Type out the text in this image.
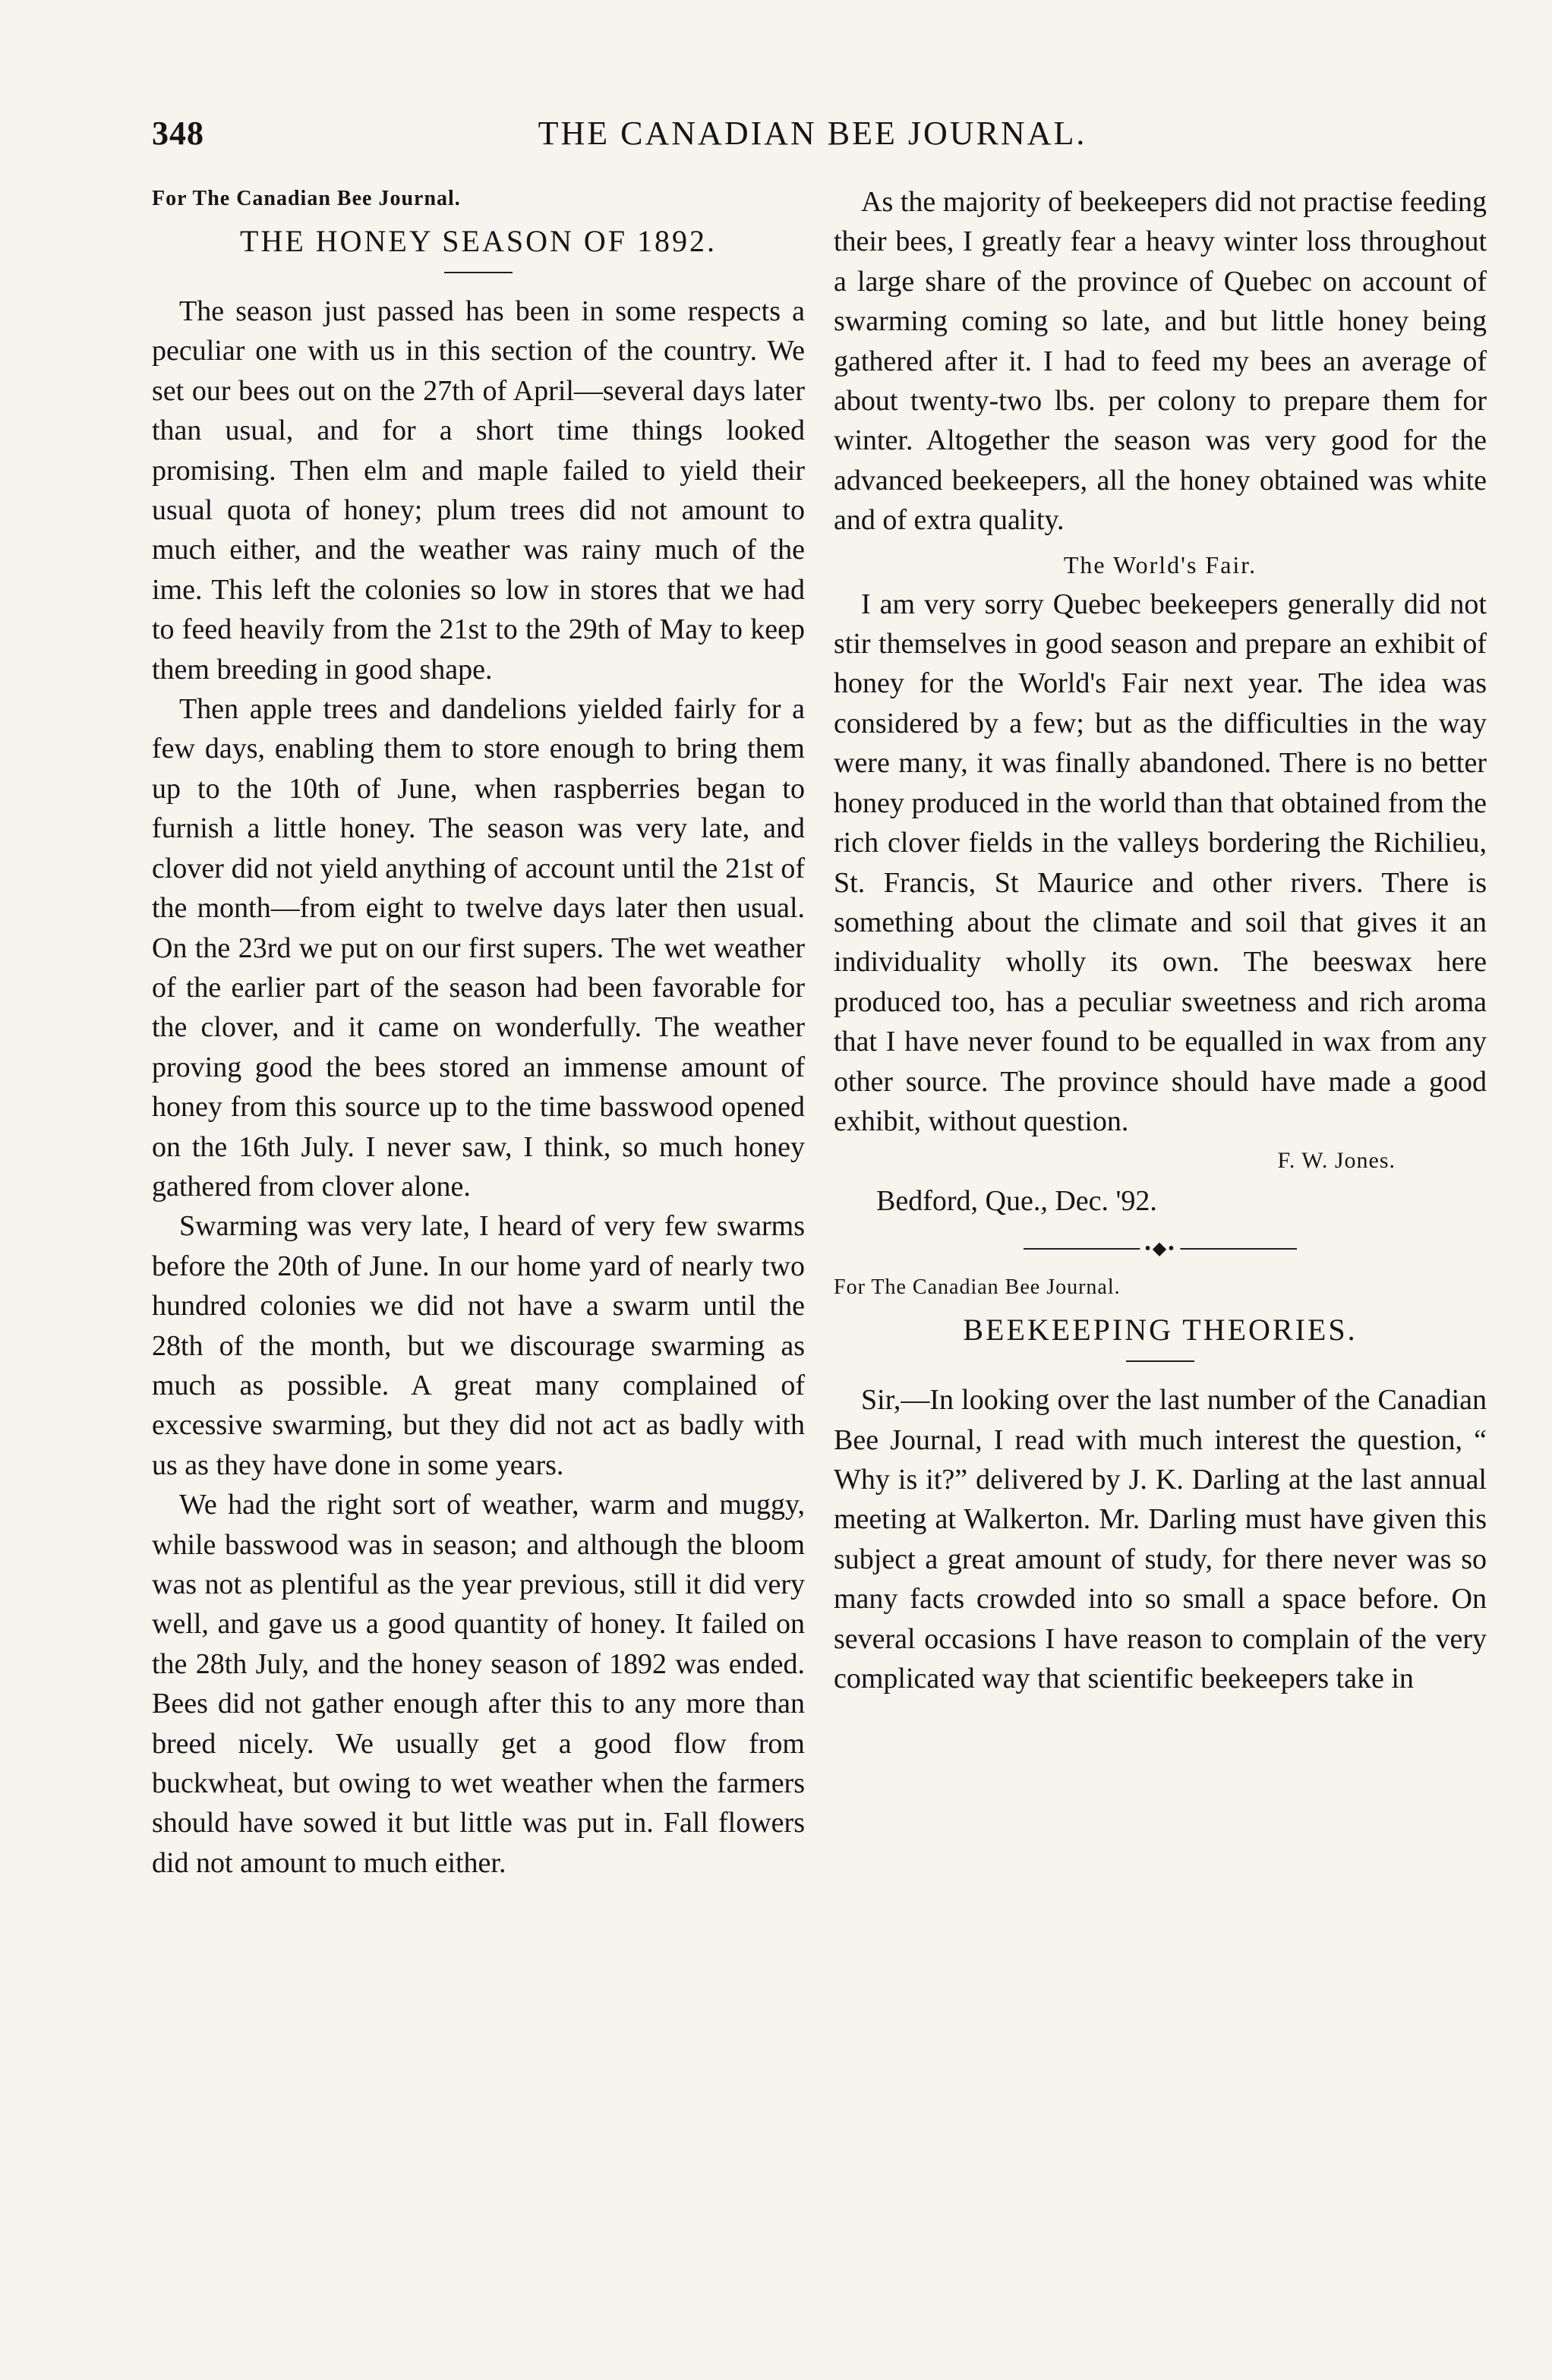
348	THE CANADIAN BEE JOURNAL.

For The Canadian Bee Journal.

THE HONEY SEASON OF 1892.

The season just passed has been in some respects a peculiar one with us in this section of the country. We set our bees out on the 27th of April—several days later than usual, and for a short time things looked promising. Then elm and maple failed to yield their usual quota of honey; plum trees did not amount to much either, and the weather was rainy much of the ime. This left the colonies so low in stores that we had to feed heavily from the 21st to the 29th of May to keep them breeding in good shape.

Then apple trees and dandelions yielded fairly for a few days, enabling them to store enough to bring them up to the 10th of June, when raspberries began to furnish a little honey. The season was very late, and clover did not yield anything of account until the 21st of the month—from eight to twelve days later then usual. On the 23rd we put on our first supers. The wet weather of the earlier part of the season had been favorable for the clover, and it came on wonderfully. The weather proving good the bees stored an immense amount of honey from this source up to the time basswood opened on the 16th July. I never saw, I think, so much honey gathered from clover alone.

Swarming was very late, I heard of very few swarms before the 20th of June. In our home yard of nearly two hundred colonies we did not have a swarm until the 28th of the month, but we discourage swarming as much as possible. A great many complained of excessive swarming, but they did not act as badly with us as they have done in some years.

We had the right sort of weather, warm and muggy, while basswood was in season; and although the bloom was not as plentiful as the year previous, still it did very well, and gave us a good quantity of honey. It failed on the 28th July, and the honey season of 1892 was ended. Bees did not gather enough after this to any more than breed nicely. We usually get a good flow from buckwheat, but owing to wet weather when the farmers should have sowed it but little was put in. Fall flowers did not amount to much either.

As the majority of beekeepers did not practise feeding their bees, I greatly fear a heavy winter loss throughout a large share of the province of Quebec on account of swarming coming so late, and but little honey being gathered after it. I had to feed my bees an average of about twenty-two lbs. per colony to prepare them for winter. Altogether the season was very good for the advanced beekeepers, all the honey obtained was white and of extra quality.

The World's Fair.

I am very sorry Quebec beekeepers generally did not stir themselves in good season and prepare an exhibit of honey for the World's Fair next year. The idea was considered by a few; but as the difficulties in the way were many, it was finally abandoned. There is no better honey produced in the world than that obtained from the rich clover fields in the valleys bordering the Richilieu, St. Francis, St Maurice and other rivers. There is something about the climate and soil that gives it an individuality wholly its own. The beeswax here produced too, has a peculiar sweetness and rich aroma that I have never found to be equalled in wax from any other source. The province should have made a good exhibit, without question.

F. W. Jones.

Bedford, Que., Dec. '92.

•◆•

For The Canadian Bee Journal.

BEEKEEPING THEORIES.

Sir,—In looking over the last number of the Canadian Bee Journal, I read with much interest the question, “ Why is it?” delivered by J. K. Darling at the last annual meeting at Walkerton. Mr. Darling must have given this subject a great amount of study, for there never was so many facts crowded into so small a space before. On several occasions I have reason to complain of the very complicated way that scientific beekeepers take in
